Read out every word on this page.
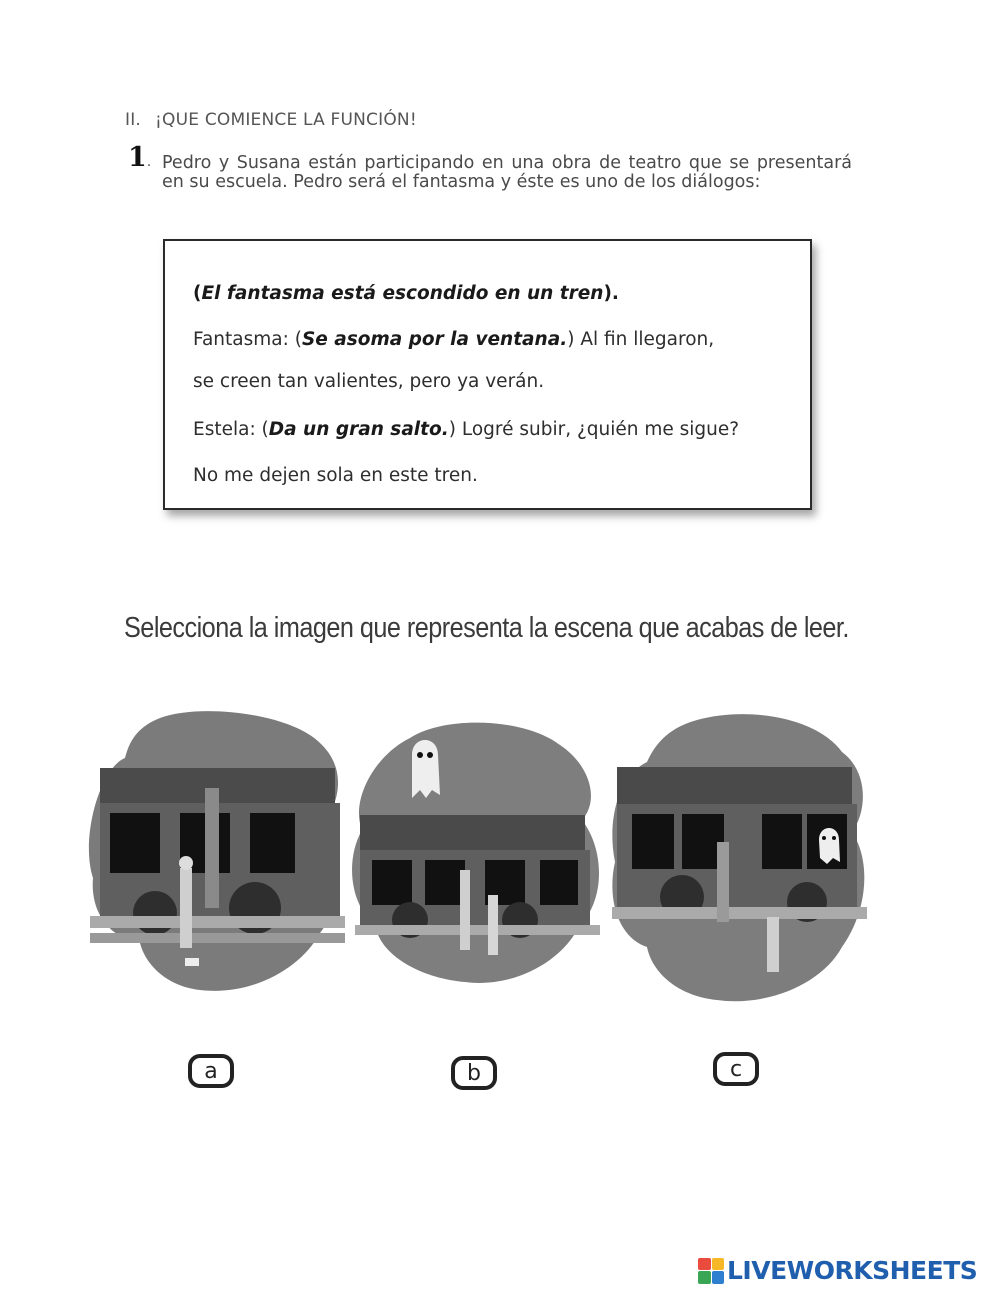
II. ¡QUE COMIENCE LA FUNCIÓN!
1. Pedro y Susana están participando en una obra de teatro que se presentará en su escuela. Pedro será el fantasma y éste es uno de los diálogos:
(El fantasma está escondido en un tren).
Fantasma: (Se asoma por la ventana.) Al fin llegaron,
se creen tan valientes, pero ya verán.
Estela: (Da un gran salto.) Logré subir, ¿quién me sigue?
No me dejen sola en este tren.
Selecciona la imagen que representa la escena que acabas de leer.
a	b	c
LIVEWORKSHEETS
